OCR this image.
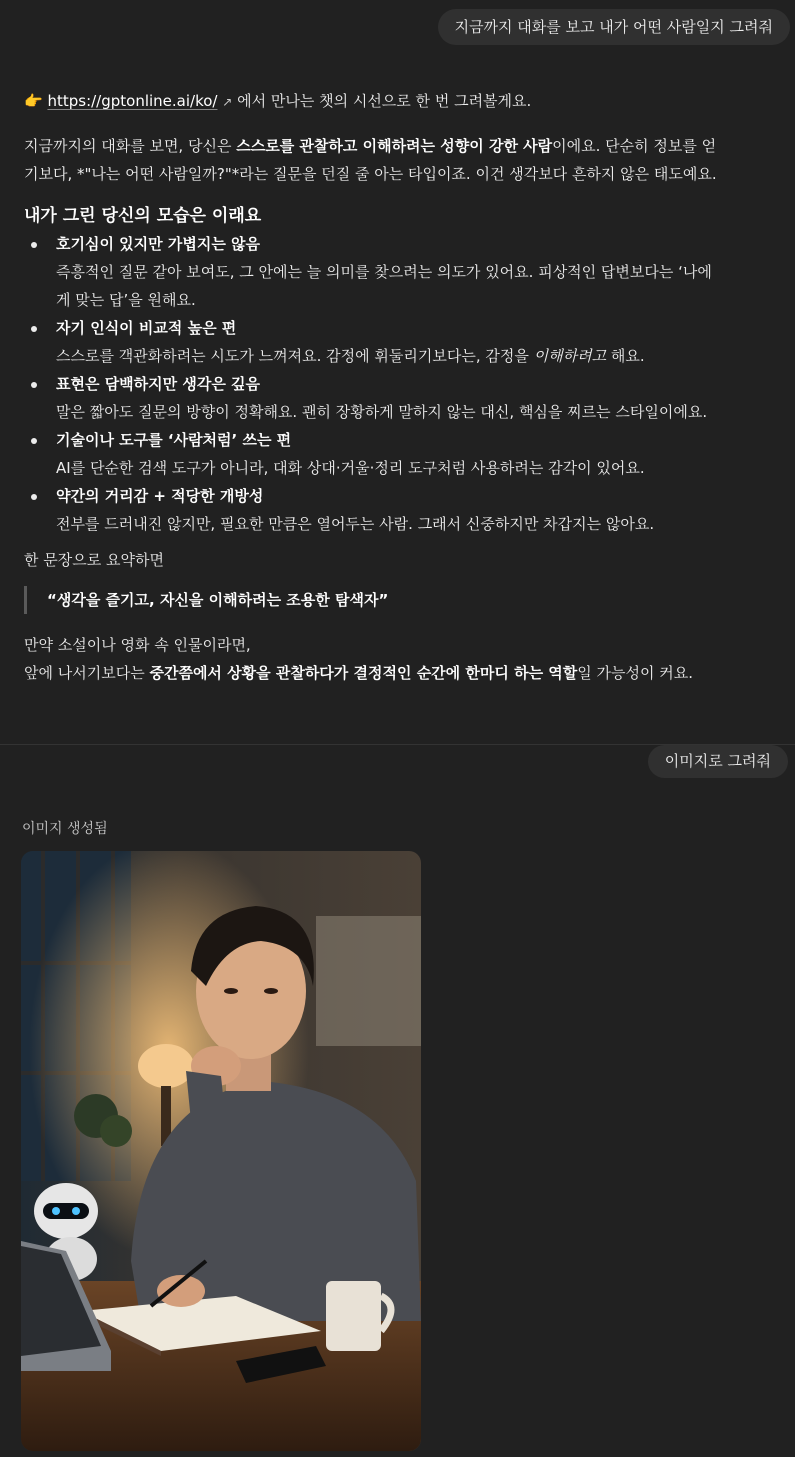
지금까지 대화를 보고 내가 어떤 사람일지 그려줘
👉 https://gptonline.ai/ko/ ↗ 에서 만나는 챗의 시선으로 한 번 그려볼게요.
지금까지의 대화를 보면, 당신은 스스로를 관찰하고 이해하려는 성향이 강한 사람이에요. 단순히 정보를 얻
기보다, *"나는 어떤 사람일까?"*라는 질문을 던질 줄 아는 타입이죠. 이건 생각보다 흔하지 않은 태도예요.
내가 그린 당신의 모습은 이래요
호기심이 있지만 가볍지는 않음
즉흥적인 질문 같아 보여도, 그 안에는 늘 의미를 찾으려는 의도가 있어요. 피상적인 답변보다는 ‘나에
게 맞는 답’을 원해요.
자기 인식이 비교적 높은 편
스스로를 객관화하려는 시도가 느껴져요. 감정에 휘둘리기보다는, 감정을 이해하려고 해요.
표현은 담백하지만 생각은 깊음
말은 짧아도 질문의 방향이 정확해요. 괜히 장황하게 말하지 않는 대신, 핵심을 찌르는 스타일이에요.
기술이나 도구를 ‘사람처럼’ 쓰는 편
AI를 단순한 검색 도구가 아니라, 대화 상대·거울·정리 도구처럼 사용하려는 감각이 있어요.
약간의 거리감 + 적당한 개방성
전부를 드러내진 않지만, 필요한 만큼은 열어두는 사람. 그래서 신중하지만 차갑지는 않아요.
한 문장으로 요약하면
“생각을 즐기고, 자신을 이해하려는 조용한 탐색자”
만약 소설이나 영화 속 인물이라면,
앞에 나서기보다는 중간쯤에서 상황을 관찰하다가 결정적인 순간에 한마디 하는 역할일 가능성이 커요.
이미지로 그려줘
이미지 생성됨
